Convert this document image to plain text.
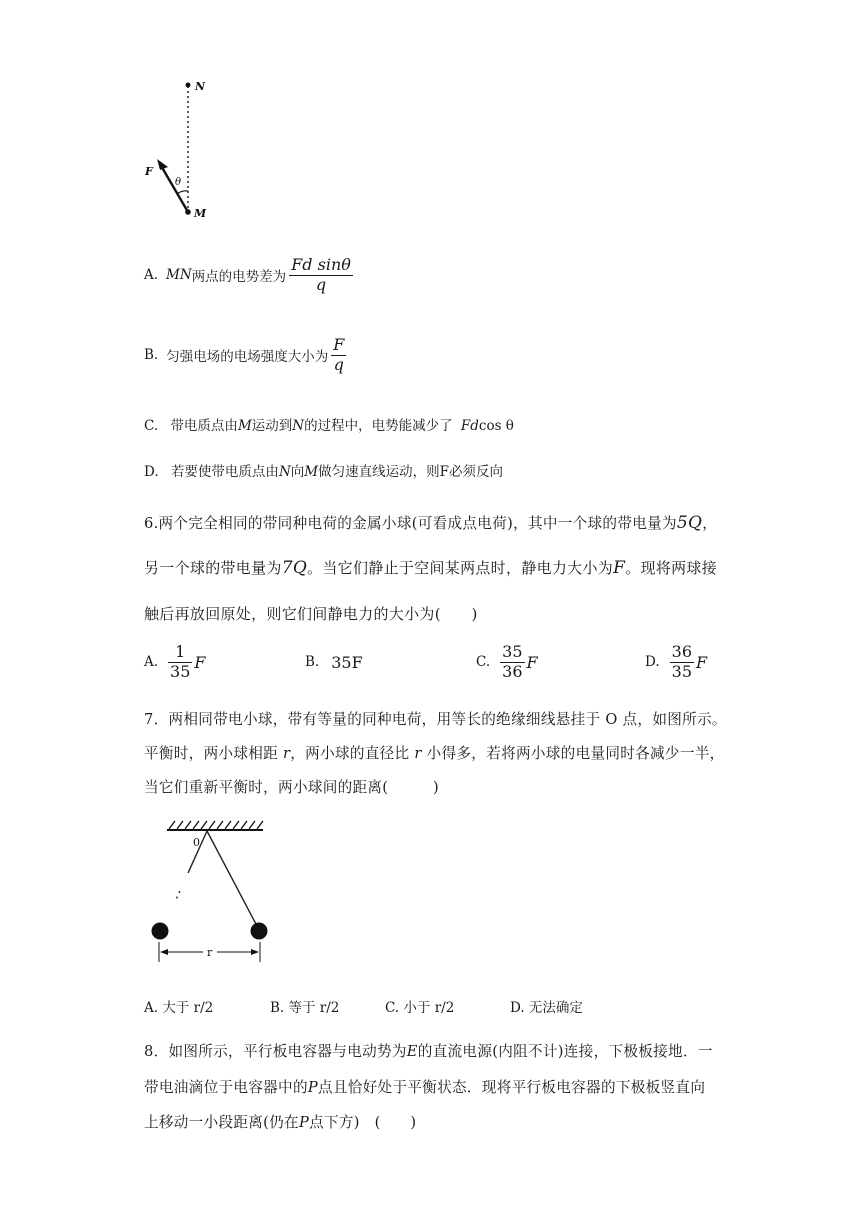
N
M
F
θ
A. MN 两点的电势差为 $\frac{\text{Fd sinθ}}{q}$
B. 匀强电场的电场强度大小为 $\frac{F}{q}$
C. 带电质点由M运动到N的过程中，电势能减少了 Fdcos θ
D. 若要使带电质点由N向M做匀速直线运动，则F必须反向
6.两个完全相同的带同种电荷的金属小球(可看成点电荷)，其中一个球的带电量为5Q，
另一个球的带电量为7Q。当它们静止于空间某两点时，静电力大小为F。现将两球接
触后再放回原处，则它们间静电力的大小为(　　)
A. $\frac{1}{35}$ F	B. 35F	C. $\frac{35}{36}$ F	D. $\frac{36}{35}$ F
7．两相同带电小球，带有等量的同种电荷，用等长的绝缘细线悬挂于 O 点，如图所示。
平衡时，两小球相距 r，两小球的直径比 r 小得多，若将两小球的电量同时各减少一半，
当它们重新平衡时，两小球间的距离(　　　)
0
r
A. 大于 r/2	B. 等于 r/2	C. 小于 r/2	D. 无法确定
8．如图所示，平行板电容器与电动势为E的直流电源(内阻不计)连接，下极板接地．一
带电油滴位于电容器中的P点且恰好处于平衡状态．现将平行板电容器的下极板竖直向
上移动一小段距离(仍在P点下方)　(　　)
